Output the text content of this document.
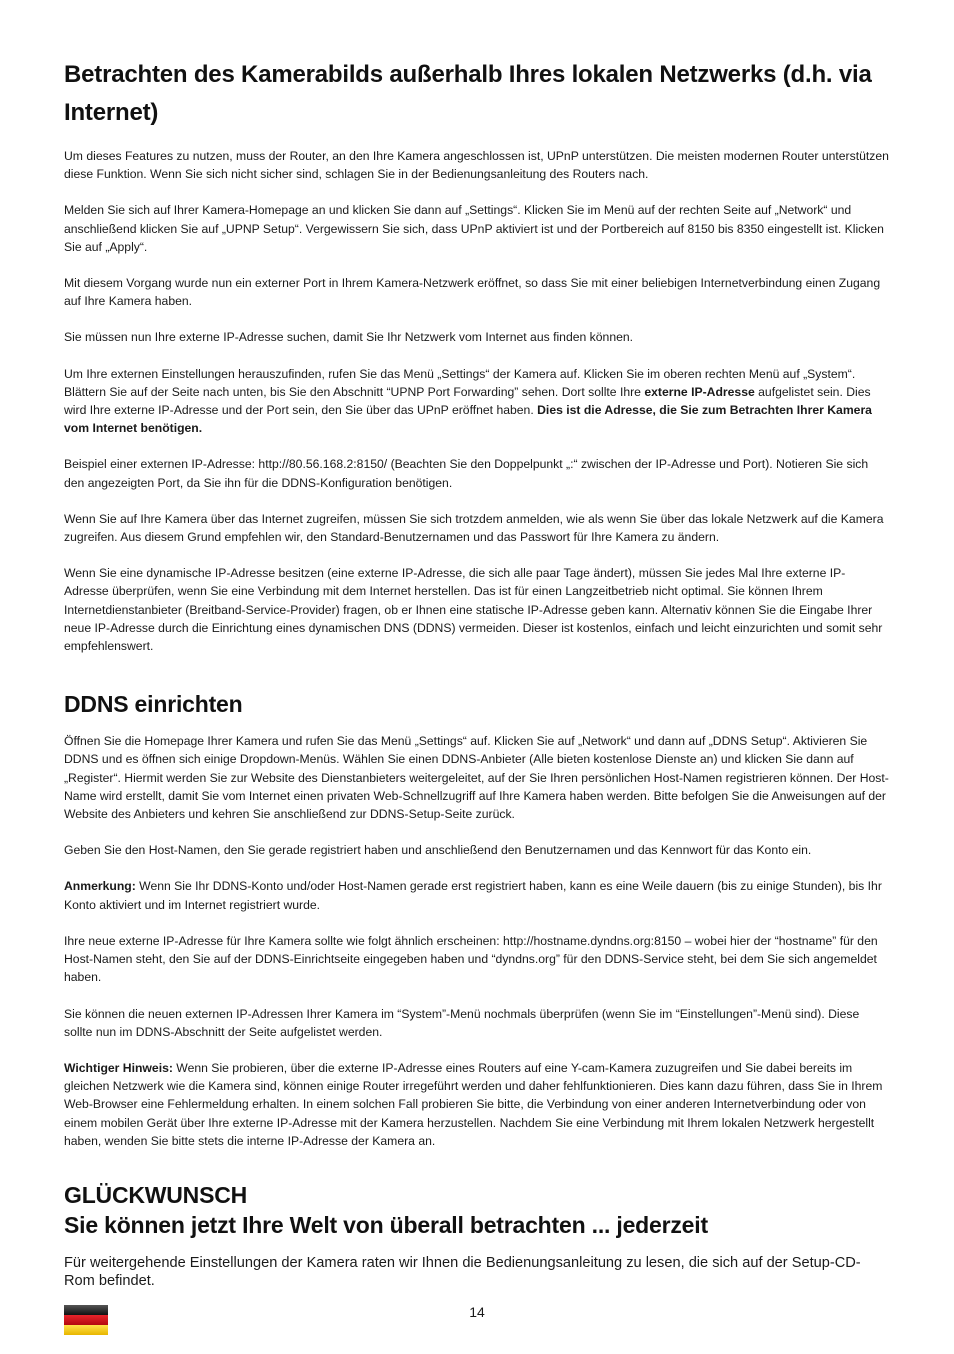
Betrachten des Kamerabilds außerhalb Ihres lokalen Netzwerks (d.h. via Internet)

Um dieses Features zu nutzen, muss der Router, an den Ihre Kamera angeschlossen ist, UPnP unterstützen. Die meisten modernen Router unterstützen diese Funktion. Wenn Sie sich nicht sicher sind, schlagen Sie in der Bedienungsanleitung des Routers nach.

Melden Sie sich auf Ihrer Kamera-Homepage an und klicken Sie dann auf „Settings“. Klicken Sie im Menü auf der rechten Seite auf „Network“ und anschließend klicken Sie auf „UPNP Setup“. Vergewissern Sie sich, dass UPnP aktiviert ist und der Portbereich auf 8150 bis 8350 eingestellt ist. Klicken Sie auf „Apply“.

Mit diesem Vorgang wurde nun ein externer Port in Ihrem Kamera-Netzwerk eröffnet, so dass Sie mit einer beliebigen Internetverbindung einen Zugang auf Ihre Kamera haben.

Sie müssen nun Ihre externe IP-Adresse suchen, damit Sie Ihr Netzwerk vom Internet aus finden können.

Um Ihre externen Einstellungen herauszufinden, rufen Sie das Menü „Settings“ der Kamera auf. Klicken Sie im oberen rechten Menü auf „System“. Blättern Sie auf der Seite nach unten, bis Sie den Abschnitt “UPNP Port Forwarding” sehen. Dort sollte Ihre externe IP-Adresse aufgelistet sein. Dies wird Ihre externe IP-Adresse und der Port sein, den Sie über das UPnP eröffnet haben. Dies ist die Adresse, die Sie zum Betrachten Ihrer Kamera vom Internet benötigen.

Beispiel einer externen IP-Adresse: http://80.56.168.2:8150/ (Beachten Sie den Doppelpunkt „:“ zwischen der IP-Adresse und Port). Notieren Sie sich den angezeigten Port, da Sie ihn für die DDNS-Konfiguration benötigen.

Wenn Sie auf Ihre Kamera über das Internet zugreifen, müssen Sie sich trotzdem anmelden, wie als wenn Sie über das lokale Netzwerk auf die Kamera zugreifen. Aus diesem Grund empfehlen wir, den Standard-Benutzernamen und das Passwort für Ihre Kamera zu ändern.

Wenn Sie eine dynamische IP-Adresse besitzen (eine externe IP-Adresse, die sich alle paar Tage ändert), müssen Sie jedes Mal Ihre externe IP-Adresse überprüfen, wenn Sie eine Verbindung mit dem Internet herstellen. Das ist für einen Langzeitbetrieb nicht optimal. Sie können Ihrem Internetdienstanbieter (Breitband-Service-Provider) fragen, ob er Ihnen eine statische IP-Adresse geben kann. Alternativ können Sie die Eingabe Ihrer neue IP-Adresse durch die Einrichtung eines dynamischen DNS (DDNS) vermeiden. Dieser ist kostenlos, einfach und leicht einzurichten und somit sehr empfehlenswert.

DDNS einrichten

Öffnen Sie die Homepage Ihrer Kamera und rufen Sie das Menü „Settings“ auf. Klicken Sie auf „Network“ und dann auf „DDNS Setup“. Aktivieren Sie DDNS und es öffnen sich einige Dropdown-Menüs. Wählen Sie einen DDNS-Anbieter (Alle bieten kostenlose Dienste an) und klicken Sie dann auf „Register“. Hiermit werden Sie zur Website des Dienstanbieters weitergeleitet, auf der Sie Ihren persönlichen Host-Namen registrieren können. Der Host-Name wird erstellt, damit Sie vom Internet einen privaten Web-Schnellzugriff auf Ihre Kamera haben werden. Bitte befolgen Sie die Anweisungen auf der Website des Anbieters und kehren Sie anschließend zur DDNS-Setup-Seite zurück.

Geben Sie den Host-Namen, den Sie gerade registriert haben und anschließend den Benutzernamen und das Kennwort für das Konto ein.

Anmerkung: Wenn Sie Ihr DDNS-Konto und/oder Host-Namen gerade erst registriert haben, kann es eine Weile dauern (bis zu einige Stunden), bis Ihr Konto aktiviert und im Internet registriert wurde.

Ihre neue externe IP-Adresse für Ihre Kamera sollte wie folgt ähnlich erscheinen: http://hostname.dyndns.org:8150 – wobei hier der “hostname” für den Host-Namen steht, den Sie auf der DDNS-Einrichtseite eingegeben haben und “dyndns.org” für den DDNS-Service steht, bei dem Sie sich angemeldet haben.

Sie können die neuen externen IP-Adressen Ihrer Kamera im “System”-Menü nochmals überprüfen (wenn Sie im “Einstellungen”-Menü sind). Diese sollte nun im DDNS-Abschnitt der Seite aufgelistet werden.

Wichtiger Hinweis: Wenn Sie probieren, über die externe IP-Adresse eines Routers auf eine Y-cam-Kamera zuzugreifen und Sie dabei bereits im gleichen Netzwerk wie die Kamera sind, können einige Router irregeführt werden und daher fehlfunktionieren. Dies kann dazu führen, dass Sie in Ihrem Web-Browser eine Fehlermeldung erhalten. In einem solchen Fall probieren Sie bitte, die Verbindung von einer anderen Internetverbindung oder von einem mobilen Gerät über Ihre externe IP-Adresse mit der Kamera herzustellen. Nachdem Sie eine Verbindung mit Ihrem lokalen Netzwerk hergestellt haben, wenden Sie bitte stets die interne IP-Adresse der Kamera an.

GLÜCKWUNSCH
Sie können jetzt Ihre Welt von überall betrachten ... jederzeit

Für weitergehende Einstellungen der Kamera raten wir Ihnen die Bedienungsanleitung zu lesen, die sich auf der Setup-CD-Rom befindet.

14
